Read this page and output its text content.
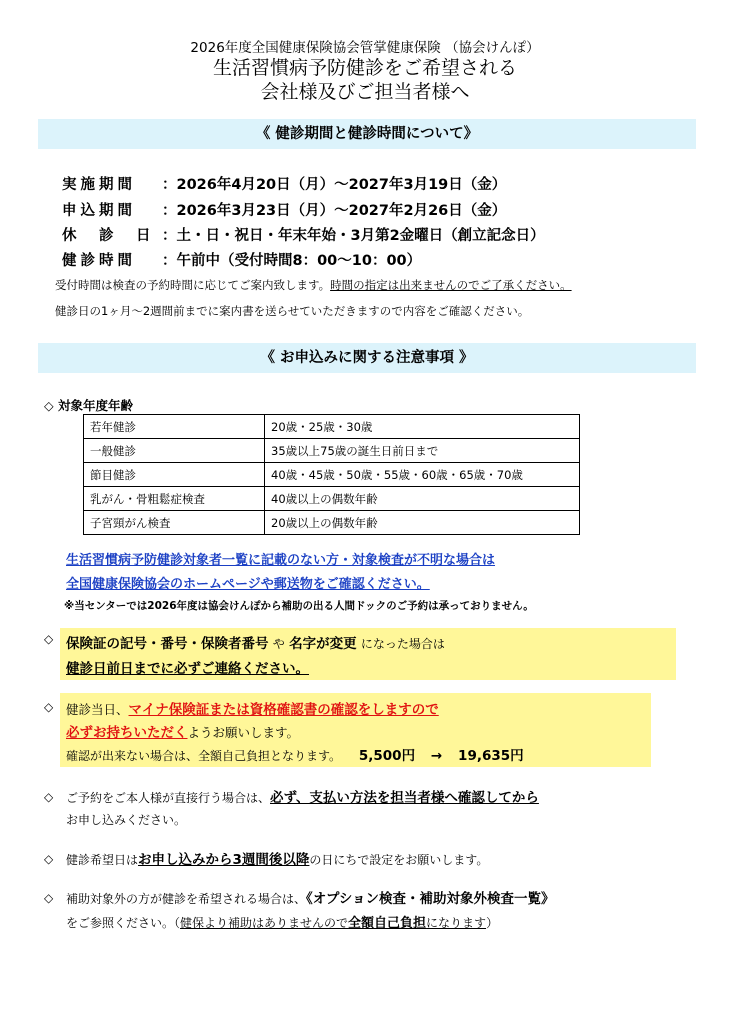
2026年度全国健康保険協会管掌健康保険 （協会けんぽ）
生活習慣病予防健診をご希望される
会社様及びご担当者様へ
《 健診期間と健診時間について》
実施期間 ：2026年4月20日（月）～2027年3月19日（金）
申込期間 ：2026年3月23日（月）～2027年2月26日（金）
休　診　日 ：土・日・祝日・年末年始・3月第2金曜日（創立記念日）
健診時間 ：午前中（受付時間8：00～10：00）
受付時間は検査の予約時間に応じてご案内致します。時間の指定は出来ませんのでご了承ください。
健診日の1ヶ月～2週間前までに案内書を送らせていただきますので内容をご確認ください。
《 お申込みに関する注意事項 》
◇ 対象年度年齢
若年健診	20歳・25歳・30歳
一般健診	35歳以上75歳の誕生日前日まで
節目健診	40歳・45歳・50歳・55歳・60歳・65歳・70歳
乳がん・骨粗鬆症検査	40歳以上の偶数年齢
子宮頸がん検査	20歳以上の偶数年齢
生活習慣病予防健診対象者一覧に記載のない方・対象検査が不明な場合は
全国健康保険協会のホームページや郵送物をご確認ください。
※当センターでは2026年度は協会けんぽから補助の出る人間ドックのご予約は承っておりません。
◇ 保険証の記号・番号・保険者番号 や 名字が変更 になった場合は
健診日前日までに必ずご連絡ください。
◇ 健診当日、マイナ保険証または資格確認書の確認をしますので
必ずお持ちいただくようお願いします。
確認が出来ない場合は、全額自己負担となります。 5,500円 → 19,635円
◇ ご予約をご本人様が直接行う場合は、必ず、支払い方法を担当者様へ確認してから
お申し込みください。
◇ 健診希望日はお申し込みから3週間後以降の日にちで設定をお願いします。
◇ 補助対象外の方が健診を希望される場合は、《オプション検査・補助対象外検査一覧》
をご参照ください。（健保より補助はありませんので全額自己負担になります）
